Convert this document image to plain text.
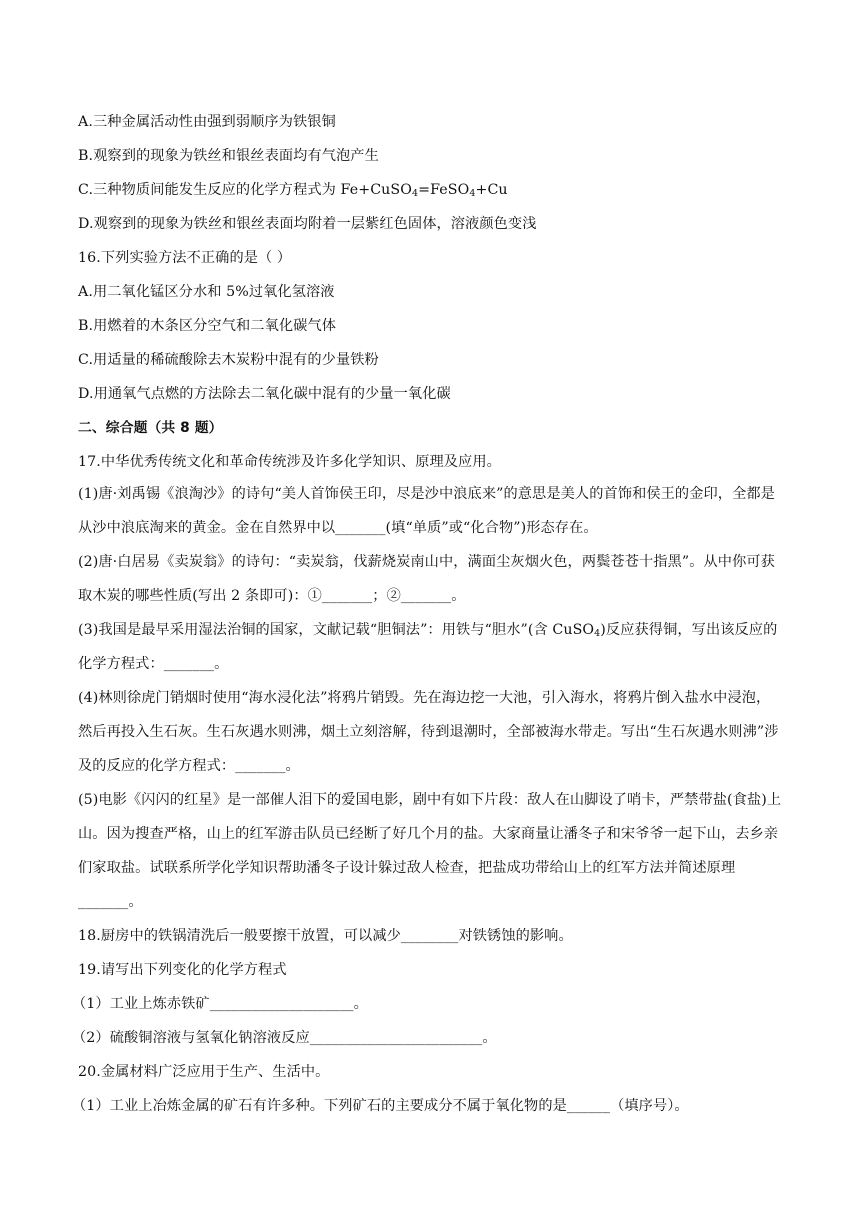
A.三种金属活动性由强到弱顺序为铁银铜
B.观察到的现象为铁丝和银丝表面均有气泡产生
C.三种物质间能发生反应的化学方程式为 Fe+CuSO$_4$=FeSO$_4$+Cu
D.观察到的现象为铁丝和银丝表面均附着一层紫红色固体，溶液颜色变浅
16.下列实验方法不正确的是（ ）
A.用二氧化锰区分水和 5%过氧化氢溶液
B.用燃着的木条区分空气和二氧化碳气体
C.用适量的稀硫酸除去木炭粉中混有的少量铁粉
D.用通氧气点燃的方法除去二氧化碳中混有的少量一氧化碳
二、综合题（共 8 题）
17.中华优秀传统文化和革命传统涉及许多化学知识、原理及应用。
(1)唐·刘禹锡《浪淘沙》的诗句“美人首饰侯王印，尽是沙中浪底来”的意思是美人的首饰和侯王的金印，全都是从沙中浪底淘来的黄金。金在自然界中以_______(填“单质”或“化合物”)形态存在。
(2)唐·白居易《卖炭翁》的诗句：“卖炭翁，伐薪烧炭南山中，满面尘灰烟火色，两鬓苍苍十指黑”。从中你可获取木炭的哪些性质(写出 2 条即可)：①_______；②_______。
(3)我国是最早采用湿法治铜的国家，文献记载“胆铜法”：用铁与“胆水”(含 CuSO$_4$)反应获得铜，写出该反应的化学方程式：_______。
(4)林则徐虎门销烟时使用“海水浸化法”将鸦片销毁。先在海边挖一大池，引入海水，将鸦片倒入盐水中浸泡，然后再投入生石灰。生石灰遇水则沸，烟土立刻溶解，待到退潮时，全部被海水带走。写出“生石灰遇水则沸”涉及的反应的化学方程式：_______。
(5)电影《闪闪的红星》是一部催人泪下的爱国电影，剧中有如下片段：敌人在山脚设了哨卡，严禁带盐(食盐)上山。因为搜查严格，山上的红军游击队员已经断了好几个月的盐。大家商量让潘冬子和宋爷爷一起下山，去乡亲们家取盐。试联系所学化学知识帮助潘冬子设计躲过敌人检查，把盐成功带给山上的红军方法并简述原理_______。
18.厨房中的铁锅清洗后一般要擦干放置，可以减少________对铁锈蚀的影响。
19.请写出下列变化的化学方程式
（1）工业上炼赤铁矿____________________。
（2）硫酸铜溶液与氢氧化钠溶液反应________________________。
20.金属材料广泛应用于生产、生活中。
（1）工业上冶炼金属的矿石有许多种。下列矿石的主要成分不属于氧化物的是______（填序号）。
